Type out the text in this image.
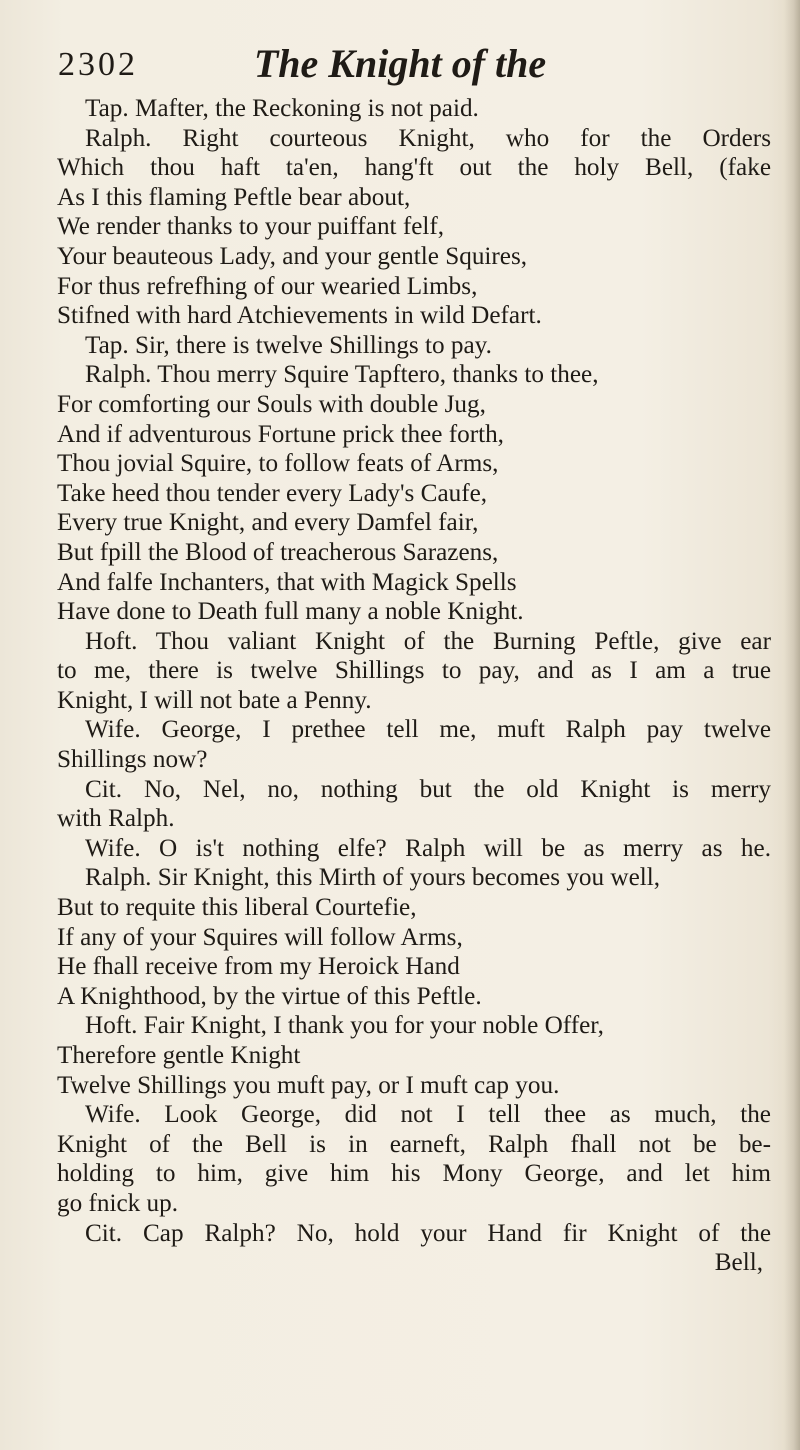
2302	The Knight of the
Tap. Mafter, the Reckoning is not paid.
Ralph. Right courteous Knight, who for the Orders
Which thou haft ta'en, hang'ft out the holy Bell, (fake
As I this flaming Peftle bear about,
We render thanks to your puiffant felf,
Your beauteous Lady, and your gentle Squires,
For thus refrefhing of our wearied Limbs,
Stifned with hard Atchievements in wild Defart.
Tap. Sir, there is twelve Shillings to pay.
Ralph. Thou merry Squire Tapftero, thanks to thee,
For comforting our Souls with double Jug,
And if adventurous Fortune prick thee forth,
Thou jovial Squire, to follow feats of Arms,
Take heed thou tender every Lady's Caufe,
Every true Knight, and every Damfel fair,
But fpill the Blood of treacherous Sarazens,
And falfe Inchanters, that with Magick Spells
Have done to Death full many a noble Knight.
Hoft. Thou valiant Knight of the Burning Peftle, give ear
to me, there is twelve Shillings to pay, and as I am a true
Knight, I will not bate a Penny.
Wife. George, I prethee tell me, muft Ralph pay twelve
Shillings now?
Cit. No, Nel, no, nothing but the old Knight is merry
with Ralph.
Wife. O is't nothing elfe? Ralph will be as merry as he.
Ralph. Sir Knight, this Mirth of yours becomes you well,
But to requite this liberal Courtefie,
If any of your Squires will follow Arms,
He fhall receive from my Heroick Hand
A Knighthood, by the virtue of this Peftle.
Hoft. Fair Knight, I thank you for your noble Offer,
Therefore gentle Knight
Twelve Shillings you muft pay, or I muft cap you.
Wife. Look George, did not I tell thee as much, the
Knight of the Bell is in earneft, Ralph fhall not be be-
holding to him, give him his Mony George, and let him
go fnick up.
Cit. Cap Ralph? No, hold your Hand fir Knight of the
Bell,
